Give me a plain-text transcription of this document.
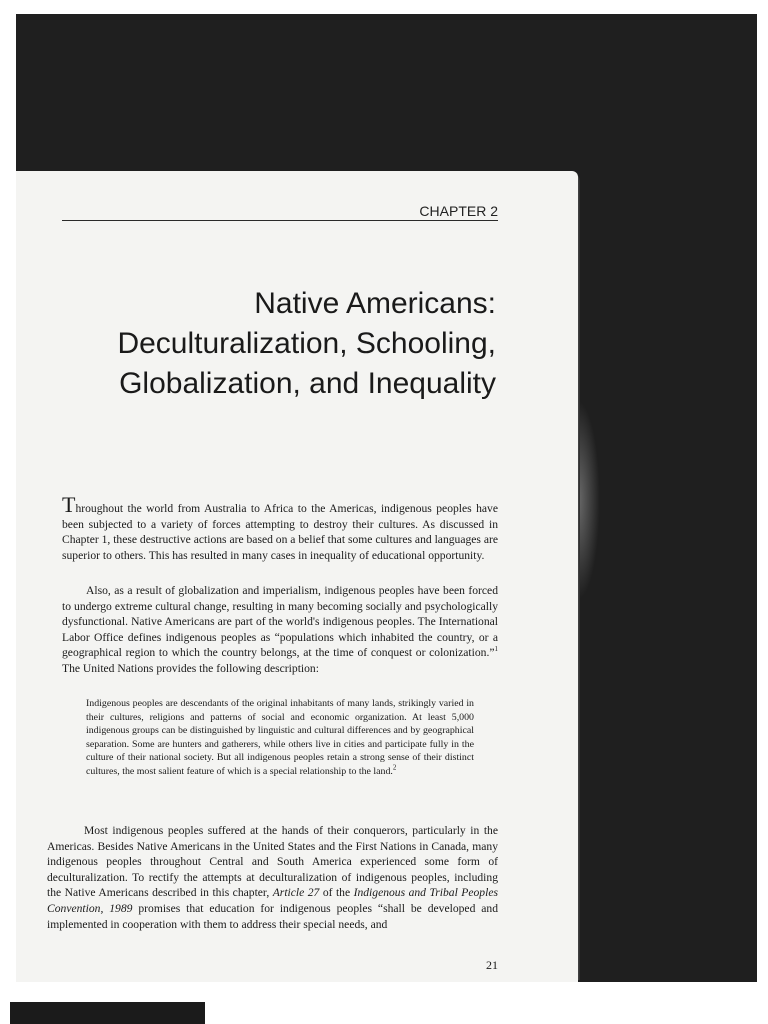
CHAPTER 2
Native Americans:
Deculturalization, Schooling,
Globalization, and Inequality
Throughout the world from Australia to Africa to the Americas, indigenous peoples have been subjected to a variety of forces attempting to destroy their cultures. As discussed in Chapter 1, these destructive actions are based on a belief that some cultures and languages are superior to others. This has resulted in many cases in inequality of educational opportunity.
Also, as a result of globalization and imperialism, indigenous peoples have been forced to undergo extreme cultural change, resulting in many becoming socially and psychologically dysfunctional. Native Americans are part of the world's indigenous peoples. The International Labor Office defines indigenous peoples as “populations which inhabited the country, or a geographical region to which the country belongs, at the time of conquest or colonization.”$^1$ The United Nations provides the following description:
Indigenous peoples are descendants of the original inhabitants of many lands, strikingly varied in their cultures, religions and patterns of social and economic organization. At least 5,000 indigenous groups can be distinguished by linguistic and cultural differences and by geographical separation. Some are hunters and gatherers, while others live in cities and participate fully in the culture of their national society. But all indigenous peoples retain a strong sense of their distinct cultures, the most salient feature of which is a special relationship to the land.$^2$
Most indigenous peoples suffered at the hands of their conquerors, particularly in the Americas. Besides Native Americans in the United States and the First Nations in Canada, many indigenous peoples throughout Central and South America experienced some form of deculturalization. To rectify the attempts at deculturalization of indigenous peoples, including the Native Americans described in this chapter, Article 27 of the Indigenous and Tribal Peoples Convention, 1989 promises that education for indigenous peoples “shall be developed and implemented in cooperation with them to address their special needs, and
21
